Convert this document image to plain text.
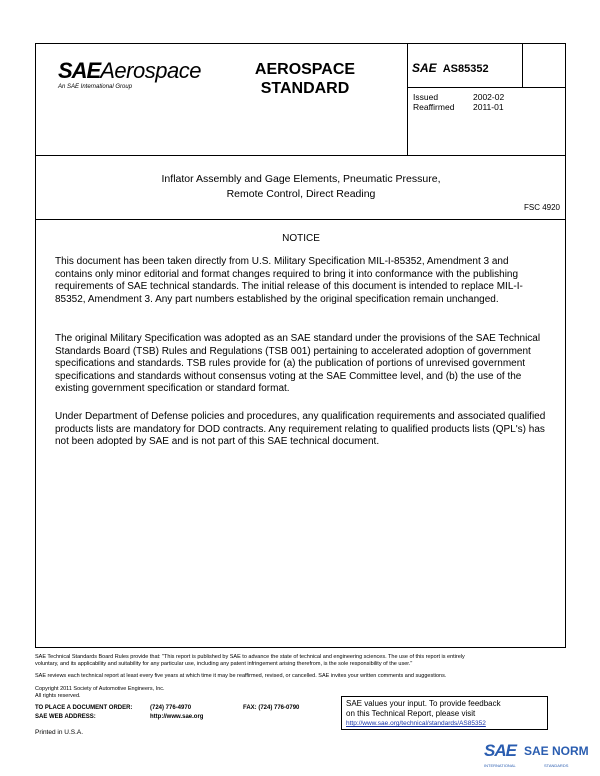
SAEAerospace
An SAE International Group
AEROSPACE
STANDARD
SAE AS85352
Issued	2002-02
Reaffirmed 2011-01
Inflator Assembly and Gage Elements, Pneumatic Pressure,
Remote Control, Direct Reading
FSC 4920
NOTICE

This document has been taken directly from U.S. Military Specification MIL-I-85352, Amendment 3 and contains only minor editorial and format changes required to bring it into conformance with the publishing requirements of SAE technical standards. The initial release of this document is intended to replace MIL-I-85352, Amendment 3. Any part numbers established by the original specification remain unchanged.

The original Military Specification was adopted as an SAE standard under the provisions of the SAE Technical Standards Board (TSB) Rules and Regulations (TSB 001) pertaining to accelerated adoption of government specifications and standards. TSB rules provide for (a) the publication of portions of unrevised government specifications and standards without consensus voting at the SAE Committee level, and (b) the use of the existing government specification or standard format.

Under Department of Defense policies and procedures, any qualification requirements and associated qualified products lists are mandatory for DOD contracts. Any requirement relating to qualified products lists (QPL's) has not been adopted by SAE and is not part of this SAE technical document.

SAE Technical Standards Board Rules provide that: "This report is published by SAE to advance the state of technical and engineering sciences. The use of this report is entirely
voluntary, and its applicability and suitability for any particular use, including any patent infringement arising therefrom, is the sole responsibility of the user."
SAE reviews each technical report at least every five years at which time it may be reaffirmed, revised, or cancelled. SAE invites your written comments and suggestions.
Copyright 2011 Society of Automotive Engineers, Inc.
All rights reserved.
TO PLACE A DOCUMENT ORDER:	(724) 776-4970	FAX: (724) 776-0790
SAE WEB ADDRESS:	http://www.sae.org
Printed in U.S.A.
SAE values your input. To provide feedback
on this Technical Report, please visit
http://www.sae.org/technical/standards/AS85352
SAE SAE NORM
INTERNATIONAL	STANDARDS
